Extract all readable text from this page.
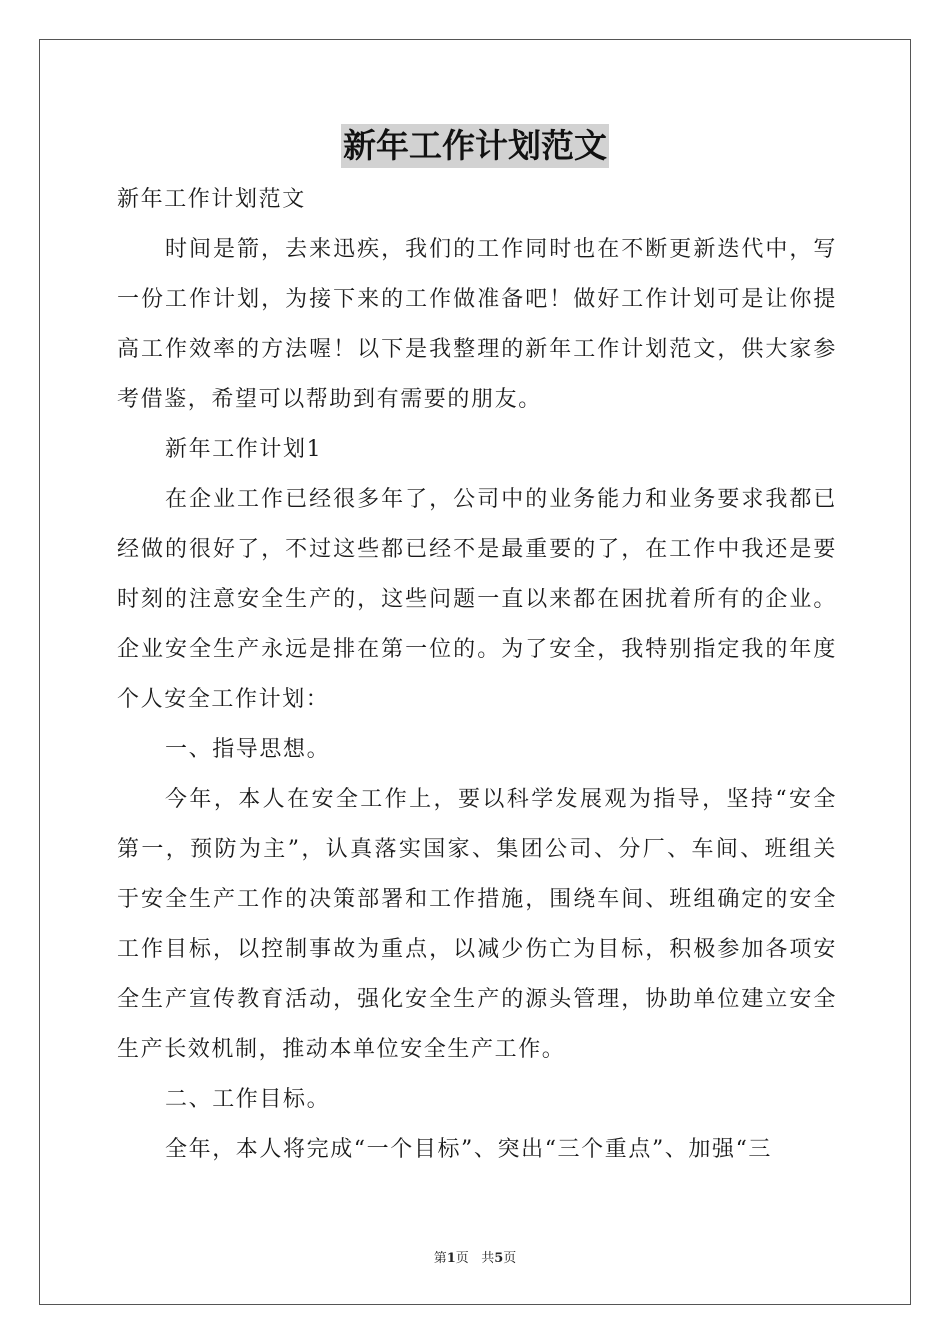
新年工作计划范文

新年工作计划范文

时间是箭，去来迅疾，我们的工作同时也在不断更新迭代中，写一份工作计划，为接下来的工作做准备吧！做好工作计划可是让你提高工作效率的方法喔！以下是我整理的新年工作计划范文，供大家参考借鉴，希望可以帮助到有需要的朋友。

新年工作计划1

在企业工作已经很多年了，公司中的业务能力和业务要求我都已经做的很好了，不过这些都已经不是最重要的了，在工作中我还是要时刻的注意安全生产的，这些问题一直以来都在困扰着所有的企业。企业安全生产永远是排在第一位的。为了安全，我特别指定我的年度个人安全工作计划：

一、指导思想。

今年，本人在安全工作上，要以科学发展观为指导，坚持“安全第一，预防为主”，认真落实国家、集团公司、分厂、车间、班组关于安全生产工作的决策部署和工作措施，围绕车间、班组确定的安全工作目标，以控制事故为重点，以减少伤亡为目标，积极参加各项安全生产宣传教育活动，强化安全生产的源头管理，协助单位建立安全生产长效机制，推动本单位安全生产工作。

二、工作目标。

全年，本人将完成“一个目标”、突出“三个重点”、加强“三

第1页 共5页
